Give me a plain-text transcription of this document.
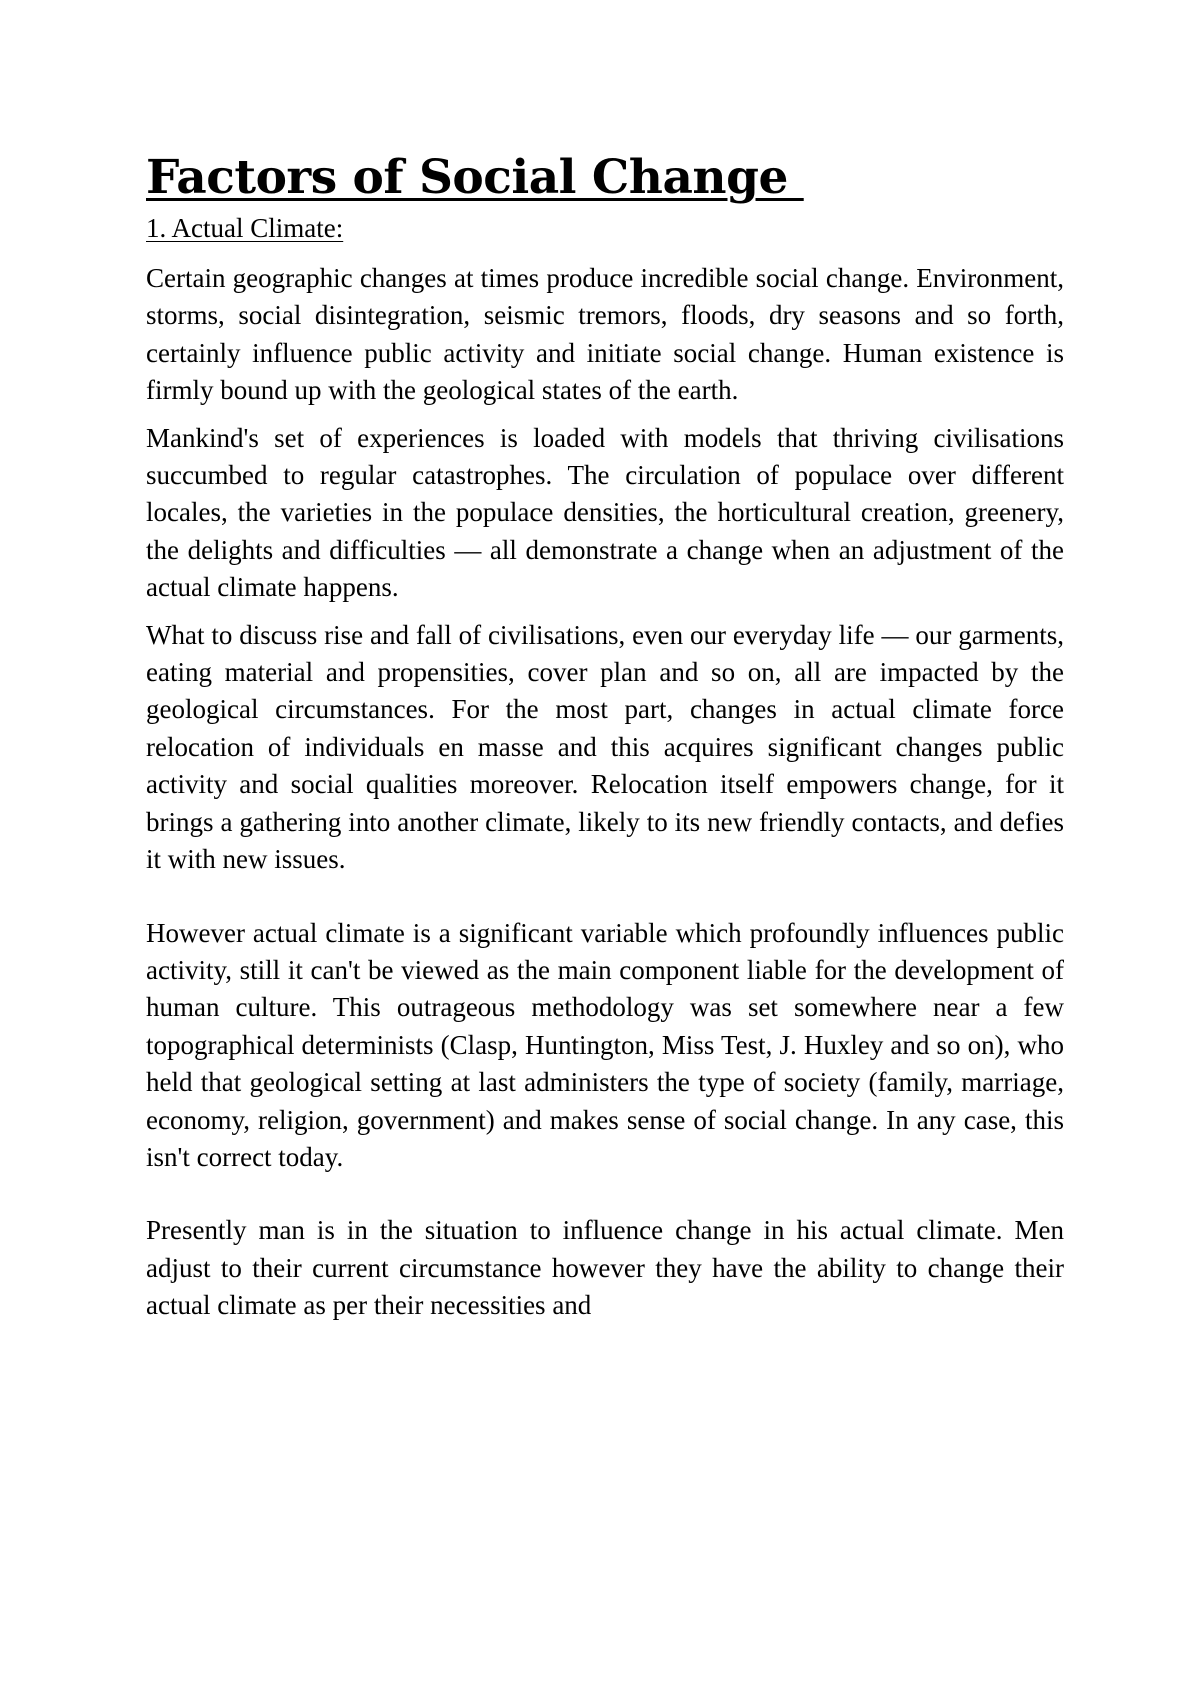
Factors of Social Change
1. Actual Climate:

Certain geographic changes at times produce incredible social change. Environment, storms, social disintegration, seismic tremors, floods, dry seasons and so forth, certainly influence public activity and initiate social change. Human existence is firmly bound up with the geological states of the earth.

Mankind's set of experiences is loaded with models that thriving civilisations succumbed to regular catastrophes. The circulation of populace over different locales, the varieties in the populace densities, the horticultural creation, greenery, the delights and difficulties — all demonstrate a change when an adjustment of the actual climate happens.

What to discuss rise and fall of civilisations, even our everyday life — our garments, eating material and propensities, cover plan and so on, all are impacted by the geological circumstances. For the most part, changes in actual climate force relocation of individuals en masse and this acquires significant changes public activity and social qualities moreover. Relocation itself empowers change, for it brings a gathering into another climate, likely to its new friendly contacts, and defies it with new issues.

However actual climate is a significant variable which profoundly influences public activity, still it can't be viewed as the main component liable for the development of human culture. This outrageous methodology was set somewhere near a few topographical determinists (Clasp, Huntington, Miss Test, J. Huxley and so on), who held that geological setting at last administers the type of society (family, marriage, economy, religion, government) and makes sense of social change. In any case, this isn't correct today.

Presently man is in the situation to influence change in his actual climate. Men adjust to their current circumstance however they have the ability to change their actual climate as per their necessities and
